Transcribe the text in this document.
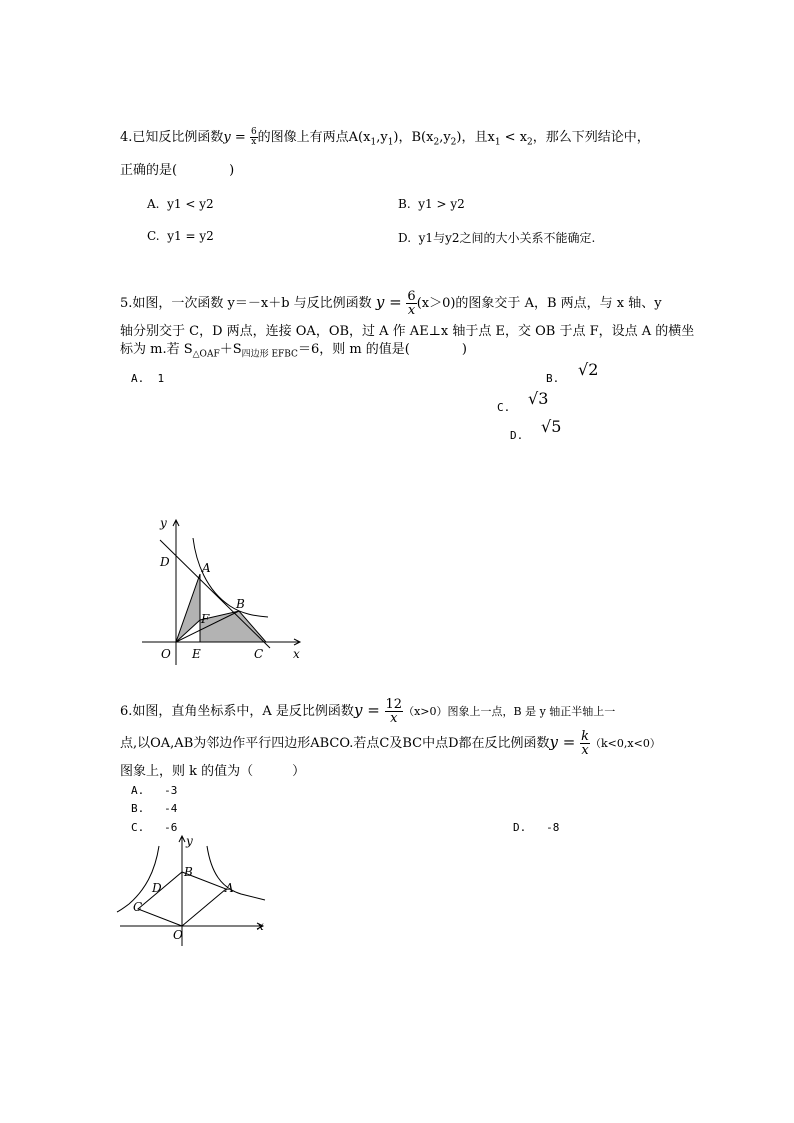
4.已知反比例函数$y = \frac{6}{x}$ 的图像上有两点$A(x_1,y_1)$，$B(x_2,y_2)$，且$x_1 < x_2$，那么下列结论中，
正确的是(　　　　)
A. y1 < y2	B. y1 > y2
C. y1 = y2	D. y1与y2之间的大小关系不能确定.
5.如图，一次函数 y＝－x＋b 与反比例函数 $y = \frac{6}{x} (x>0)$的图象交于 A，B 两点，与 x 轴、y
轴分别交于 C，D 两点，连接 OA，OB，过 A 作 AE⊥x 轴于点 E，交 OB 于点 F，设点 A 的横坐
标为 m.若 $S_{\triangle OAF}+S_{四边形 EFBC}=6$，则 m 的值是(　　　　)
A. 1	B. √2
C. √3
D. √5
y
D	A
B
F
O E	C x
6.如图，直角坐标系中，A 是反比例函数$y = \frac{12}{x} (x>0)$图象上一点，B 是 y 轴正半轴上一
点,以OA,AB为邻边作平行四边形ABCO.若点C及BC中点D都在反比例函数$y = \frac{k}{x} (k<0,x<0)$
图象上，则 k 的值为（　　　）
A. -3
B. -4
C. -6	D. -8
y
B
D	A
C
O
x
